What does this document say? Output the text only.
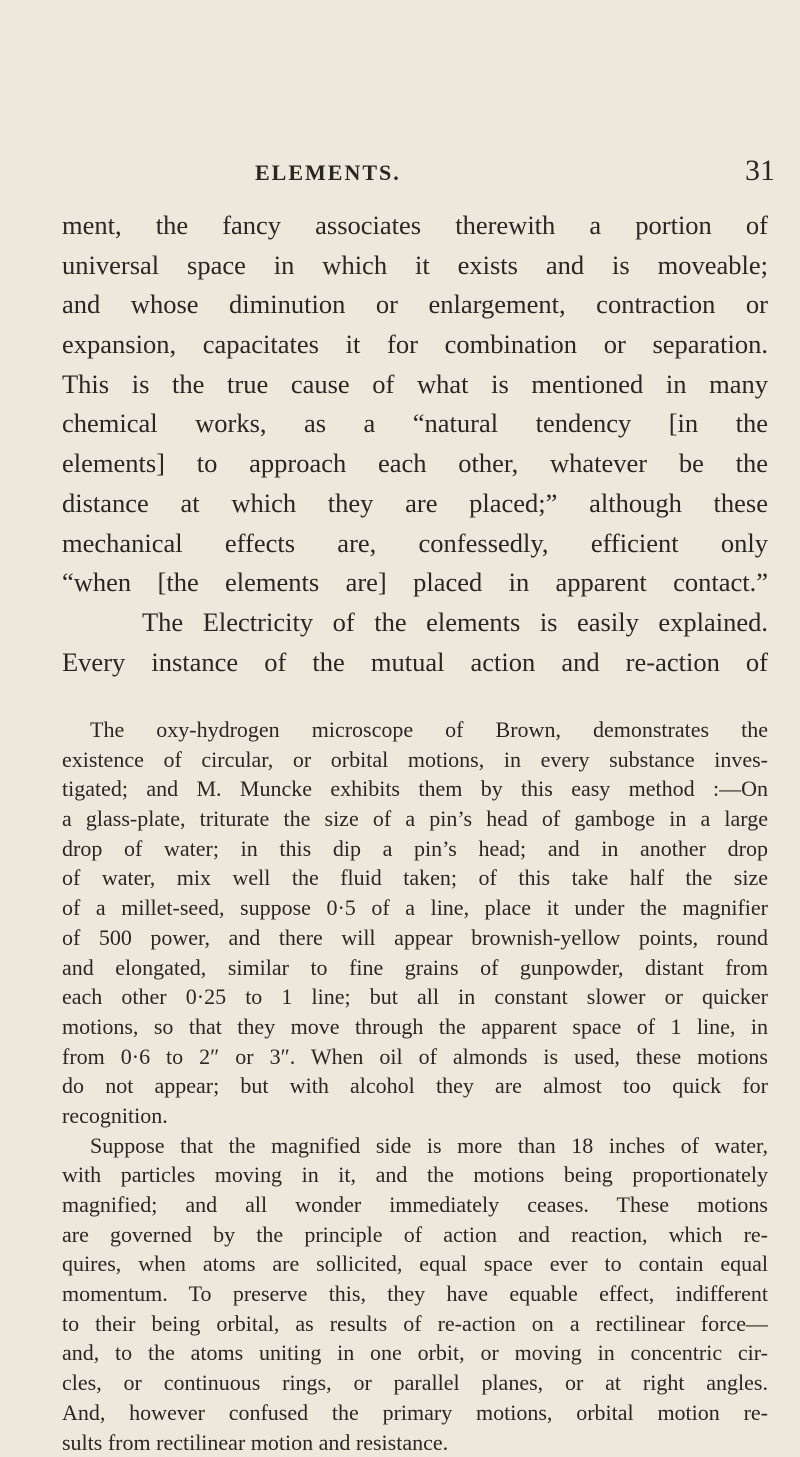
ELEMENTS.	31
ment, the fancy associates therewith a portion of
universal space in which it exists and is moveable;
and whose diminution or enlargement, contraction or
expansion, capacitates it for combination or separation.
This is the true cause of what is mentioned in many
chemical works, as a “natural tendency [in the
elements] to approach each other, whatever be the
distance at which they are placed;” although these
mechanical effects are, confessedly, efficient only
“when [the elements are] placed in apparent contact.”
The Electricity of the elements is easily explained.
Every instance of the mutual action and re-action of
The oxy-hydrogen microscope of Brown, demonstrates the
existence of circular, or orbital motions, in every substance inves-
tigated; and M. Muncke exhibits them by this easy method :—On
a glass-plate, triturate the size of a pin’s head of gamboge in a large
drop of water; in this dip a pin’s head; and in another drop
of water, mix well the fluid taken; of this take half the size
of a millet-seed, suppose 0·5 of a line, place it under the magnifier
of 500 power, and there will appear brownish-yellow points, round
and elongated, similar to fine grains of gunpowder, distant from
each other 0·25 to 1 line; but all in constant slower or quicker
motions, so that they move through the apparent space of 1 line, in
from 0·6 to 2″ or 3″. When oil of almonds is used, these motions
do not appear; but with alcohol they are almost too quick for
recognition.
Suppose that the magnified side is more than 18 inches of water,
with particles moving in it, and the motions being proportionately
magnified; and all wonder immediately ceases. These motions
are governed by the principle of action and reaction, which re-
quires, when atoms are sollicited, equal space ever to contain equal
momentum. To preserve this, they have equable effect, indifferent
to their being orbital, as results of re-action on a rectilinear force—
and, to the atoms uniting in one orbit, or moving in concentric cir-
cles, or continuous rings, or parallel planes, or at right angles.
And, however confused the primary motions, orbital motion re-
sults from rectilinear motion and resistance.
